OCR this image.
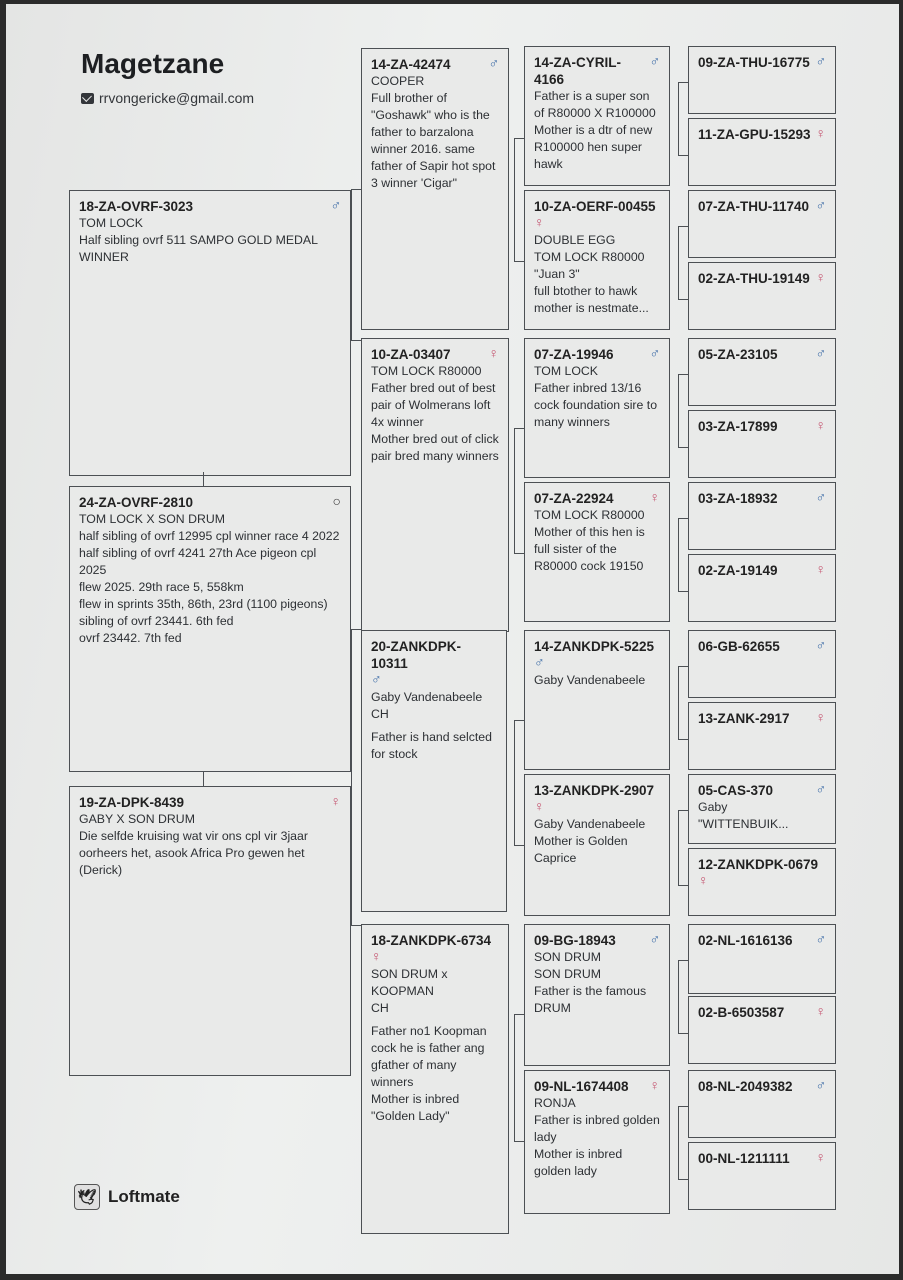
Magetzane
rrvongericke@gmail.com
18-ZA-OVRF-3023	♂
TOM LOCK
Half sibling ovrf 511 SAMPO GOLD MEDAL WINNER
24-ZA-OVRF-2810	○
TOM LOCK X SON DRUM
half sibling of ovrf 12995 cpl winner race 4 2022
half sibling of ovrf 4241 27th Ace pigeon cpl 2025
flew 2025. 29th race 5, 558km
flew in sprints 35th, 86th, 23rd (1100 pigeons)
sibling of ovrf 23441. 6th fed
ovrf 23442. 7th fed
19-ZA-DPK-8439	♀
GABY X SON DRUM
Die selfde kruising wat vir ons cpl vir 3jaar oorheers het, asook Africa Pro gewen het (Derick)
14-ZA-42474	♂
COOPER
Full brother of "Goshawk" who is the father to barzalona winner 2016. same father of Sapir hot spot 3 winner 'Cigar"
10-ZA-03407	♀
TOM LOCK R80000
Father bred out of best pair of Wolmerans loft 4x winner
Mother bred out of click pair bred many winners
20-ZANKDPK-10311
♂
Gaby Vandenabeele CH

Father is hand selcted for stock
18-ZANKDPK-6734
♀
SON DRUM x KOOPMAN
CH

Father no1 Koopman cock he is father ang gfather of many winners
Mother is inbred "Golden Lady"
14-ZA-CYRIL-4166
♂
Father is a super son of R80000 X R100000
Mother is a dtr of new R100000 hen super hawk
10-ZA-OERF-00455
♀
DOUBLE EGG
TOM LOCK R80000
"Juan 3"
full btother to hawk
mother is nestmate...
07-ZA-19946	♂
TOM LOCK
Father inbred 13/16 cock foundation sire to many winners
07-ZA-22924	♀
TOM LOCK R80000
Mother of this hen is full sister of the R80000 cock 19150
14-ZANKDPK-5225
♂
Gaby Vandenabeele
13-ZANKDPK-2907
♀
Gaby Vandenabeele
Mother is Golden Caprice
09-BG-18943 ♂
SON DRUM
SON DRUM
Father is the famous DRUM
09-NL-1674408 ♀
RONJA
Father is inbred golden lady
Mother is inbred golden lady
09-ZA-THU-16775 ♂
11-ZA-GPU-15293 ♀
07-ZA-THU-11740 ♂
02-ZA-THU-19149 ♀
05-ZA-23105	♂
03-ZA-17899	♀
03-ZA-18932	♂
02-ZA-19149	♀
06-GB-62655	♂
13-ZANK-2917 ♀
05-CAS-370	♂
Gaby
"WITTENBUIK...
12-ZANKDPK-0679
♀
02-NL-1616136 ♂
02-B-6503587 ♀
08-NL-2049382 ♂
00-NL-1211111 ♀
🕊 Loftmate
